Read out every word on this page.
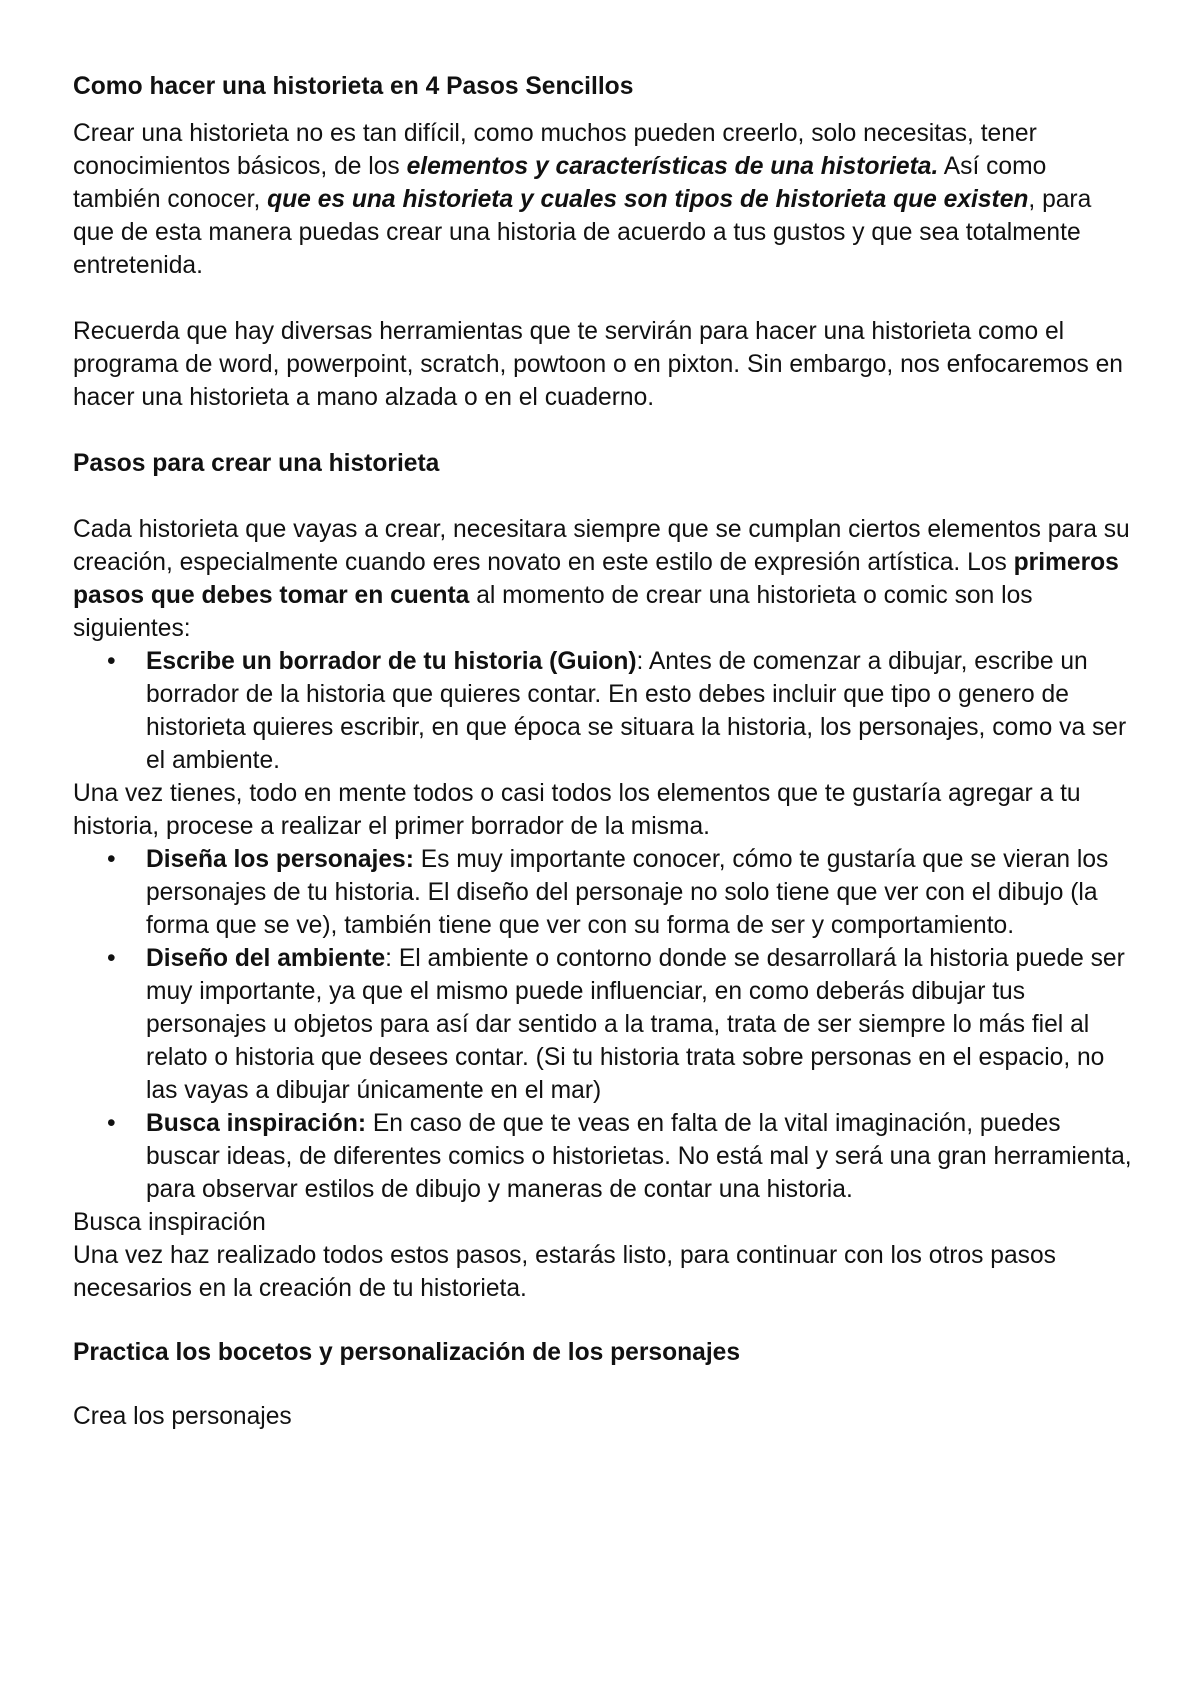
Como hacer una historieta en 4 Pasos Sencillos

Crear una historieta no es tan difícil, como muchos pueden creerlo, solo necesitas, tener conocimientos básicos, de los elementos y características de una historieta. Así como también conocer, que es una historieta y cuales son tipos de historieta que existen, para que de esta manera puedas crear una historia de acuerdo a tus gustos y que sea totalmente entretenida.

Recuerda que hay diversas herramientas que te servirán para hacer una historieta como el programa de word, powerpoint, scratch, powtoon o en pixton. Sin embargo, nos enfocaremos en hacer una historieta a mano alzada o en el cuaderno.

Pasos para crear una historieta

Cada historieta que vayas a crear, necesitara siempre que se cumplan ciertos elementos para su creación, especialmente cuando eres novato en este estilo de expresión artística. Los primeros pasos que debes tomar en cuenta al momento de crear una historieta o comic son los siguientes:

• Escribe un borrador de tu historia (Guion): Antes de comenzar a dibujar, escribe un borrador de la historia que quieres contar. En esto debes incluir que tipo o genero de historieta quieres escribir, en que época se situara la historia, los personajes, como va ser el ambiente.

Una vez tienes, todo en mente todos o casi todos los elementos que te gustaría agregar a tu historia, procese a realizar el primer borrador de la misma.

• Diseña los personajes: Es muy importante conocer, cómo te gustaría que se vieran los personajes de tu historia. El diseño del personaje no solo tiene que ver con el dibujo (la forma que se ve), también tiene que ver con su forma de ser y comportamiento.
• Diseño del ambiente: El ambiente o contorno donde se desarrollará la historia puede ser muy importante, ya que el mismo puede influenciar, en como deberás dibujar tus personajes u objetos para así dar sentido a la trama, trata de ser siempre lo más fiel al relato o historia que desees contar. (Si tu historia trata sobre personas en el espacio, no las vayas a dibujar únicamente en el mar)
• Busca inspiración: En caso de que te veas en falta de la vital imaginación, puedes buscar ideas, de diferentes comics o historietas. No está mal y será una gran herramienta, para observar estilos de dibujo y maneras de contar una historia.

Busca inspiración

Una vez haz realizado todos estos pasos, estarás listo, para continuar con los otros pasos necesarios en la creación de tu historieta.

Practica los bocetos y personalización de los personajes

Crea los personajes
